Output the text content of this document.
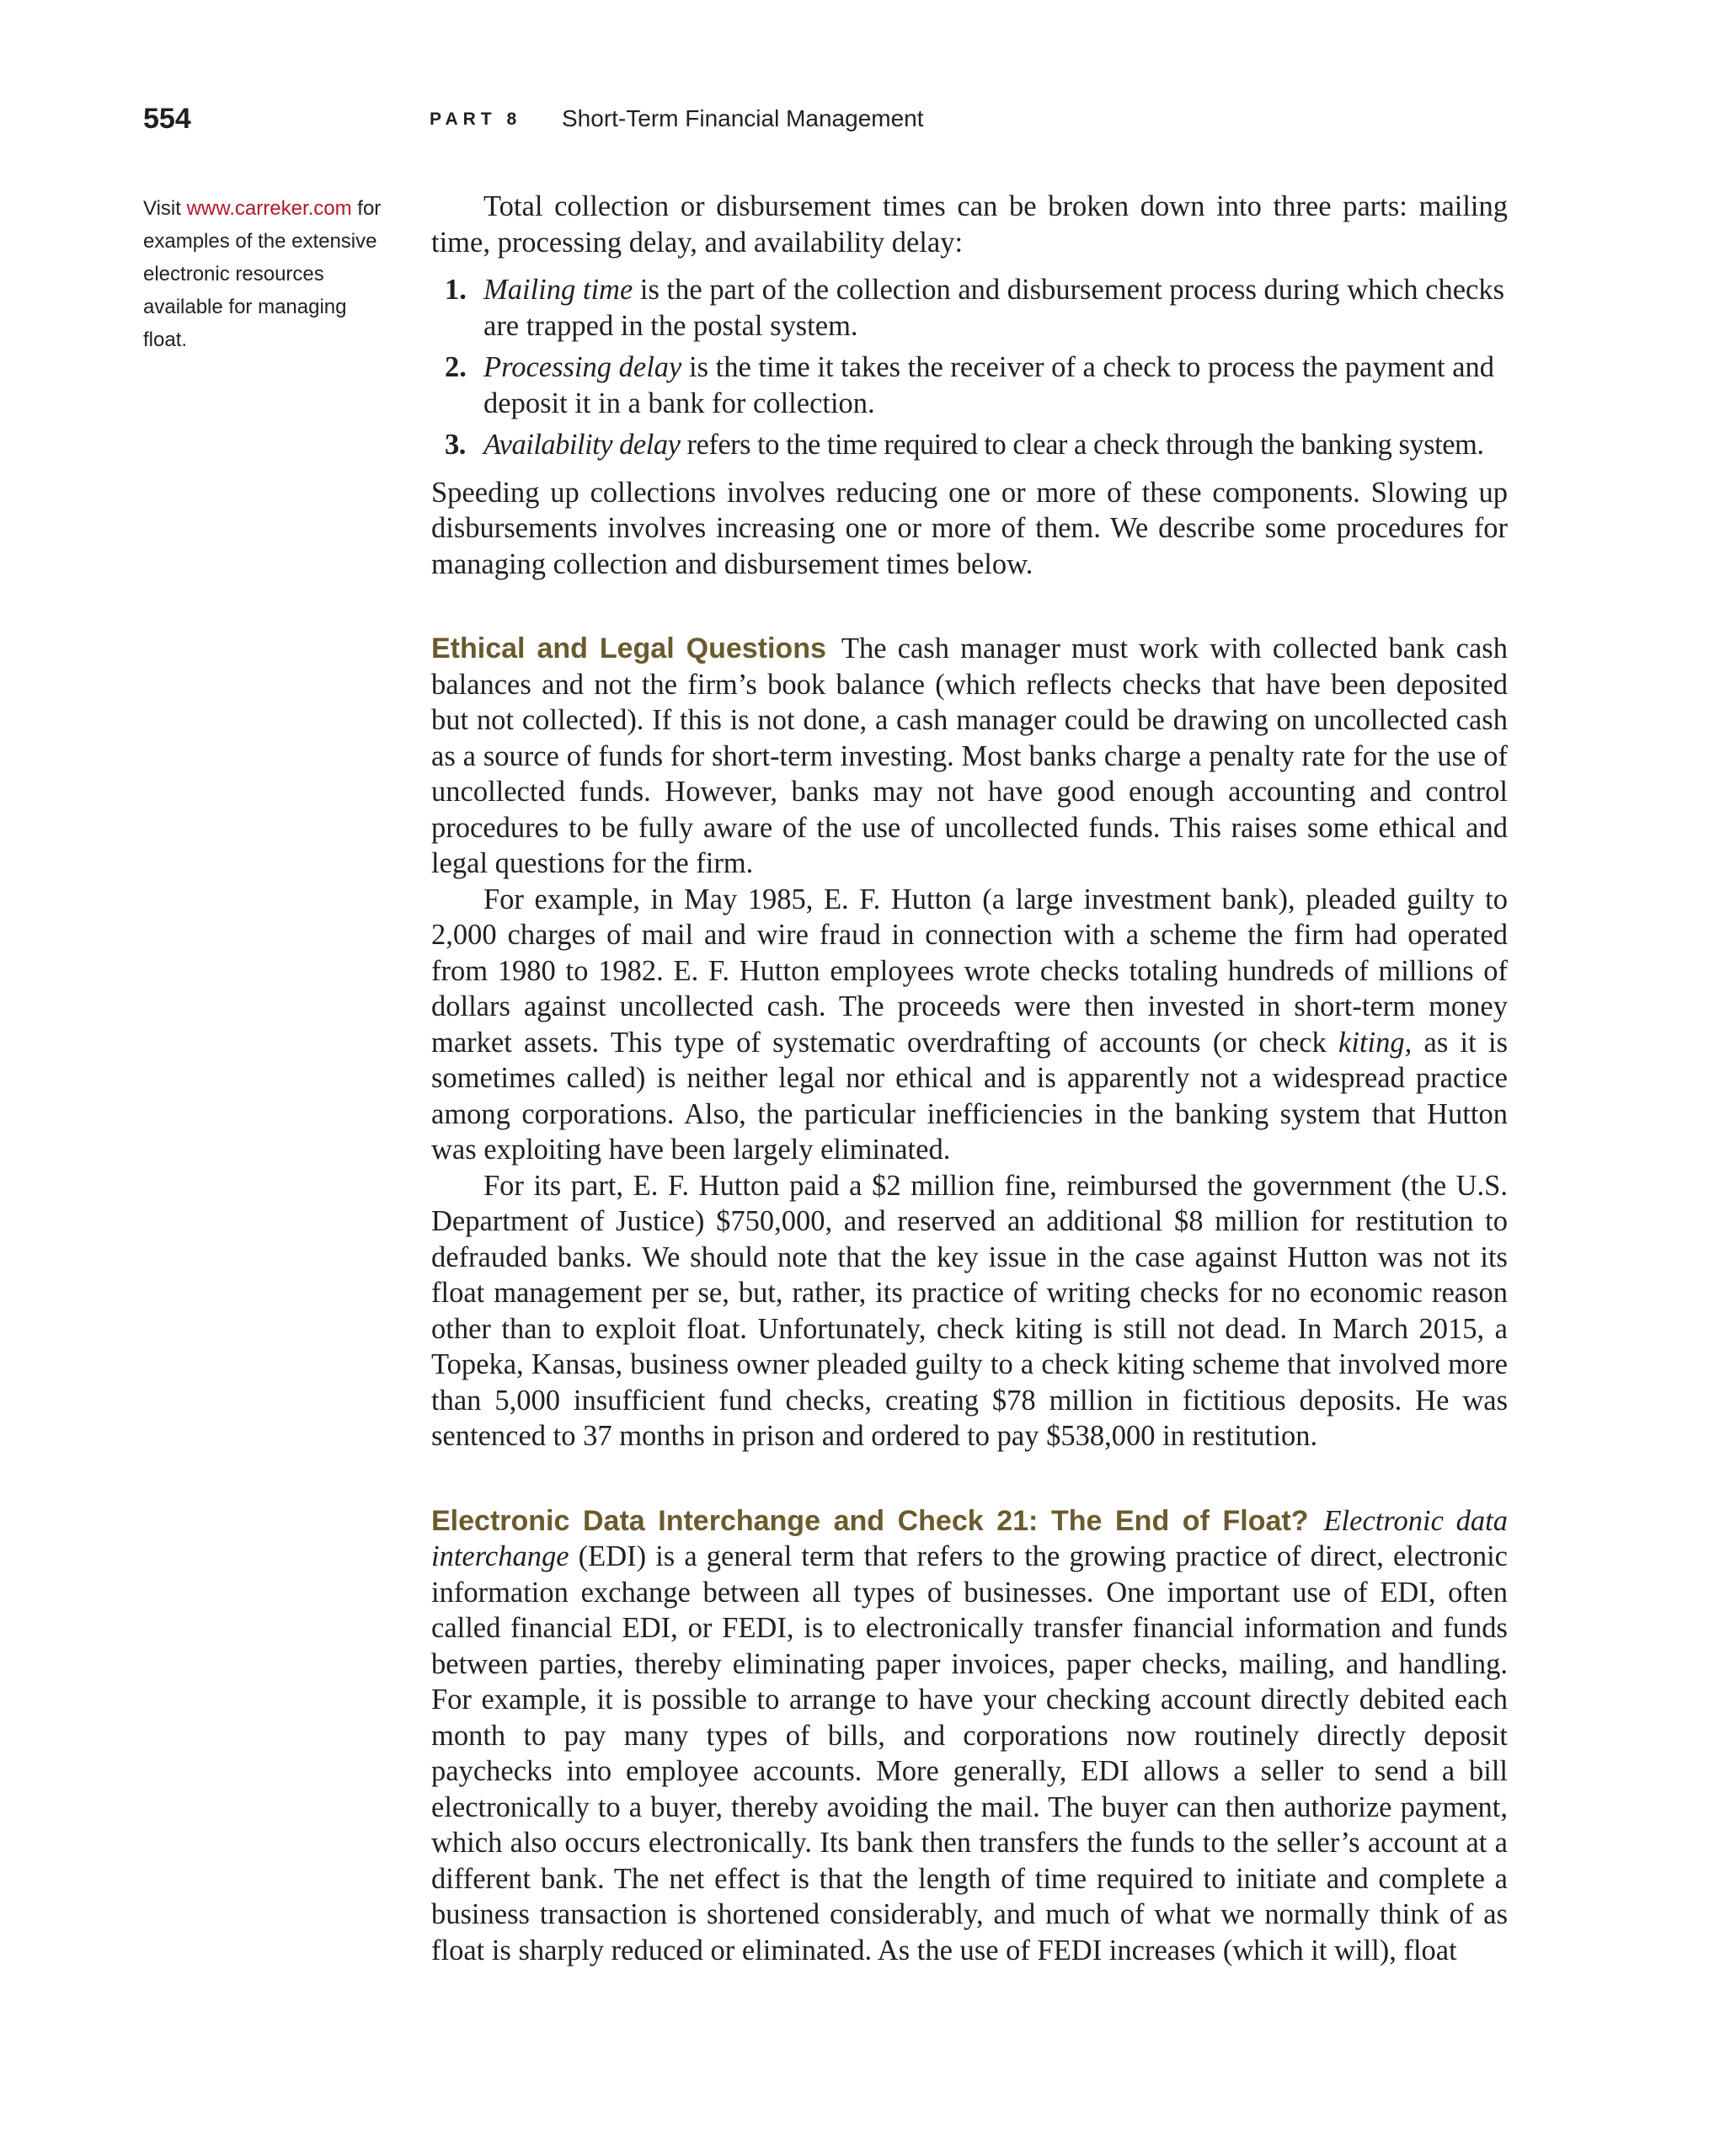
554	PART 8 Short-Term Financial Management
Visit www.carreker.com for examples of the extensive electronic resources available for managing float.

Total collection or disbursement times can be broken down into three parts: mailing time, processing delay, and availability delay:

1. Mailing time is the part of the collection and disbursement process during which checks are trapped in the postal system.
2. Processing delay is the time it takes the receiver of a check to process the payment and deposit it in a bank for collection.
3. Availability delay refers to the time required to clear a check through the banking system.

Speeding up collections involves reducing one or more of these components. Slowing up disbursements involves increasing one or more of them. We describe some procedures for managing collection and disbursement times below.

Ethical and Legal Questions The cash manager must work with collected bank cash balances and not the firm’s book balance (which reflects checks that have been deposited but not collected). If this is not done, a cash manager could be drawing on uncollected cash as a source of funds for short-term investing. Most banks charge a penalty rate for the use of uncollected funds. However, banks may not have good enough accounting and control procedures to be fully aware of the use of uncollected funds. This raises some ethical and legal questions for the firm.

For example, in May 1985, E. F. Hutton (a large investment bank), pleaded guilty to 2,000 charges of mail and wire fraud in connection with a scheme the firm had operated from 1980 to 1982. E. F. Hutton employees wrote checks totaling hundreds of millions of dollars against uncollected cash. The proceeds were then invested in short-term money market assets. This type of systematic overdrafting of accounts (or check kiting, as it is sometimes called) is neither legal nor ethical and is apparently not a widespread practice among corporations. Also, the particular inefficiencies in the banking system that Hutton was exploiting have been largely eliminated.

For its part, E. F. Hutton paid a $2 million fine, reimbursed the government (the U.S. Department of Justice) $750,000, and reserved an additional $8 million for restitution to defrauded banks. We should note that the key issue in the case against Hutton was not its float management per se, but, rather, its practice of writing checks for no economic reason other than to exploit float. Unfortunately, check kiting is still not dead. In March 2015, a Topeka, Kansas, business owner pleaded guilty to a check kiting scheme that involved more than 5,000 insufficient fund checks, creating $78 million in fictitious deposits. He was sentenced to 37 months in prison and ordered to pay $538,000 in restitution.

Electronic Data Interchange and Check 21: The End of Float? Electronic data interchange (EDI) is a general term that refers to the growing practice of direct, electronic information exchange between all types of businesses. One important use of EDI, often called financial EDI, or FEDI, is to electronically transfer financial information and funds between parties, thereby eliminating paper invoices, paper checks, mailing, and handling. For example, it is possible to arrange to have your checking account directly debited each month to pay many types of bills, and corporations now routinely directly deposit paychecks into employee accounts. More generally, EDI allows a seller to send a bill electronically to a buyer, thereby avoiding the mail. The buyer can then authorize payment, which also occurs electronically. Its bank then transfers the funds to the seller’s account at a different bank. The net effect is that the length of time required to initiate and complete a business transaction is shortened considerably, and much of what we normally think of as float is sharply reduced or eliminated. As the use of FEDI increases (which it will), float
